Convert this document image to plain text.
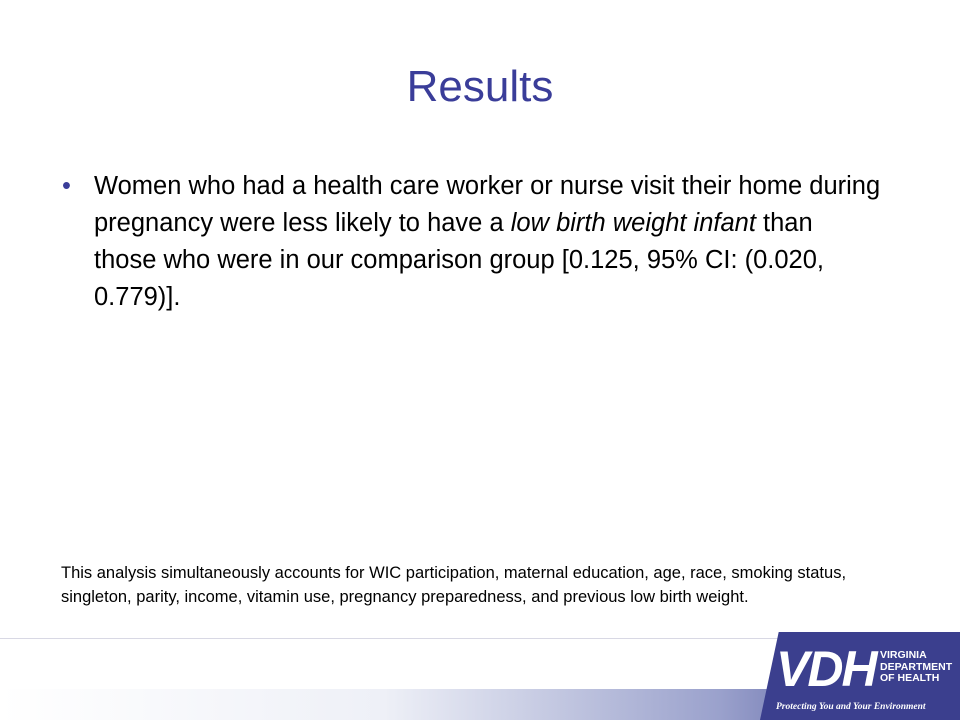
Results
• Women who had a health care worker or nurse visit their home during pregnancy were less likely to have a low birth weight infant than those who were in our comparison group [0.125, 95% CI: (0.020, 0.779)].
This analysis simultaneously accounts for WIC participation, maternal education, age, race, smoking status, singleton, parity, income, vitamin use, pregnancy preparedness, and previous low birth weight.
VDH VIRGINIA
DEPARTMENT
OF HEALTH
Protecting You and Your Environment
